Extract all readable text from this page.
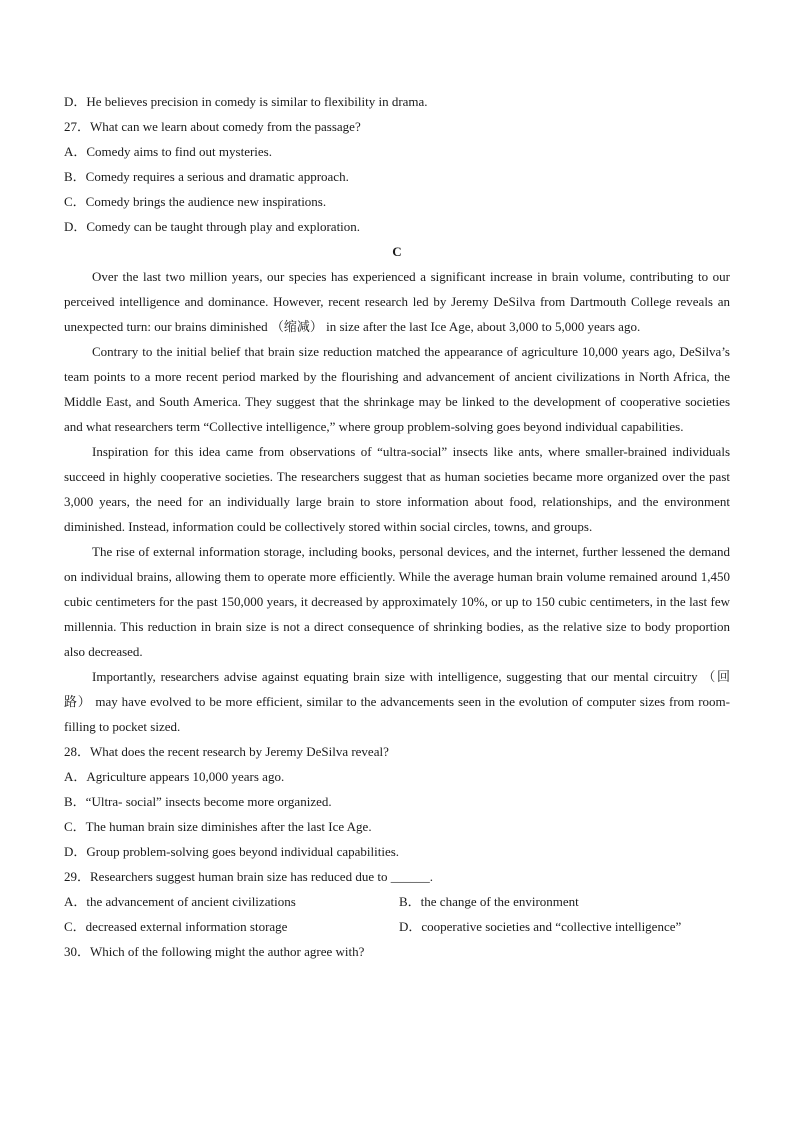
D．He believes precision in comedy is similar to flexibility in drama.

27．What can we learn about comedy from the passage?

A．Comedy aims to find out mysteries.

B．Comedy requires a serious and dramatic approach.

C．Comedy brings the audience new inspirations.

D．Comedy can be taught through play and exploration.

C

Over the last two million years, our species has experienced a significant increase in brain volume, contributing to our perceived intelligence and dominance. However, recent research led by Jeremy DeSilva from Dartmouth College reveals an unexpected turn: our brains diminished （缩减） in size after the last Ice Age, about 3,000 to 5,000 years ago.

Contrary to the initial belief that brain size reduction matched the appearance of agriculture 10,000 years ago, DeSilva’s team points to a more recent period marked by the flourishing and advancement of ancient civilizations in North Africa, the Middle East, and South America. They suggest that the shrinkage may be linked to the development of cooperative societies and what researchers term “Collective intelligence,” where group problem-solving goes beyond individual capabilities.

Inspiration for this idea came from observations of “ultra-social” insects like ants, where smaller-brained individuals succeed in highly cooperative societies. The researchers suggest that as human societies became more organized over the past 3,000 years, the need for an individually large brain to store information about food, relationships, and the environment diminished. Instead, information could be collectively stored within social circles, towns, and groups.

The rise of external information storage, including books, personal devices, and the internet, further lessened the demand on individual brains, allowing them to operate more efficiently. While the average human brain volume remained around 1,450 cubic centimeters for the past 150,000 years, it decreased by approximately 10%, or up to 150 cubic centimeters, in the last few millennia. This reduction in brain size is not a direct consequence of shrinking bodies, as the relative size to body proportion also decreased.

Importantly, researchers advise against equating brain size with intelligence, suggesting that our mental circuitry （回路） may have evolved to be more efficient, similar to the advancements seen in the evolution of computer sizes from room-filling to pocket sized.

28．What does the recent research by Jeremy DeSilva reveal?

A．Agriculture appears 10,000 years ago.

B．“Ultra- social” insects become more organized.

C．The human brain size diminishes after the last Ice Age.

D．Group problem-solving goes beyond individual capabilities.

29．Researchers suggest human brain size has reduced due to ______.

A．the advancement of ancient civilizations	B．the change of the environment
C．decreased external information storage	D．cooperative societies and “collective intelligence”

30．Which of the following might the author agree with?
